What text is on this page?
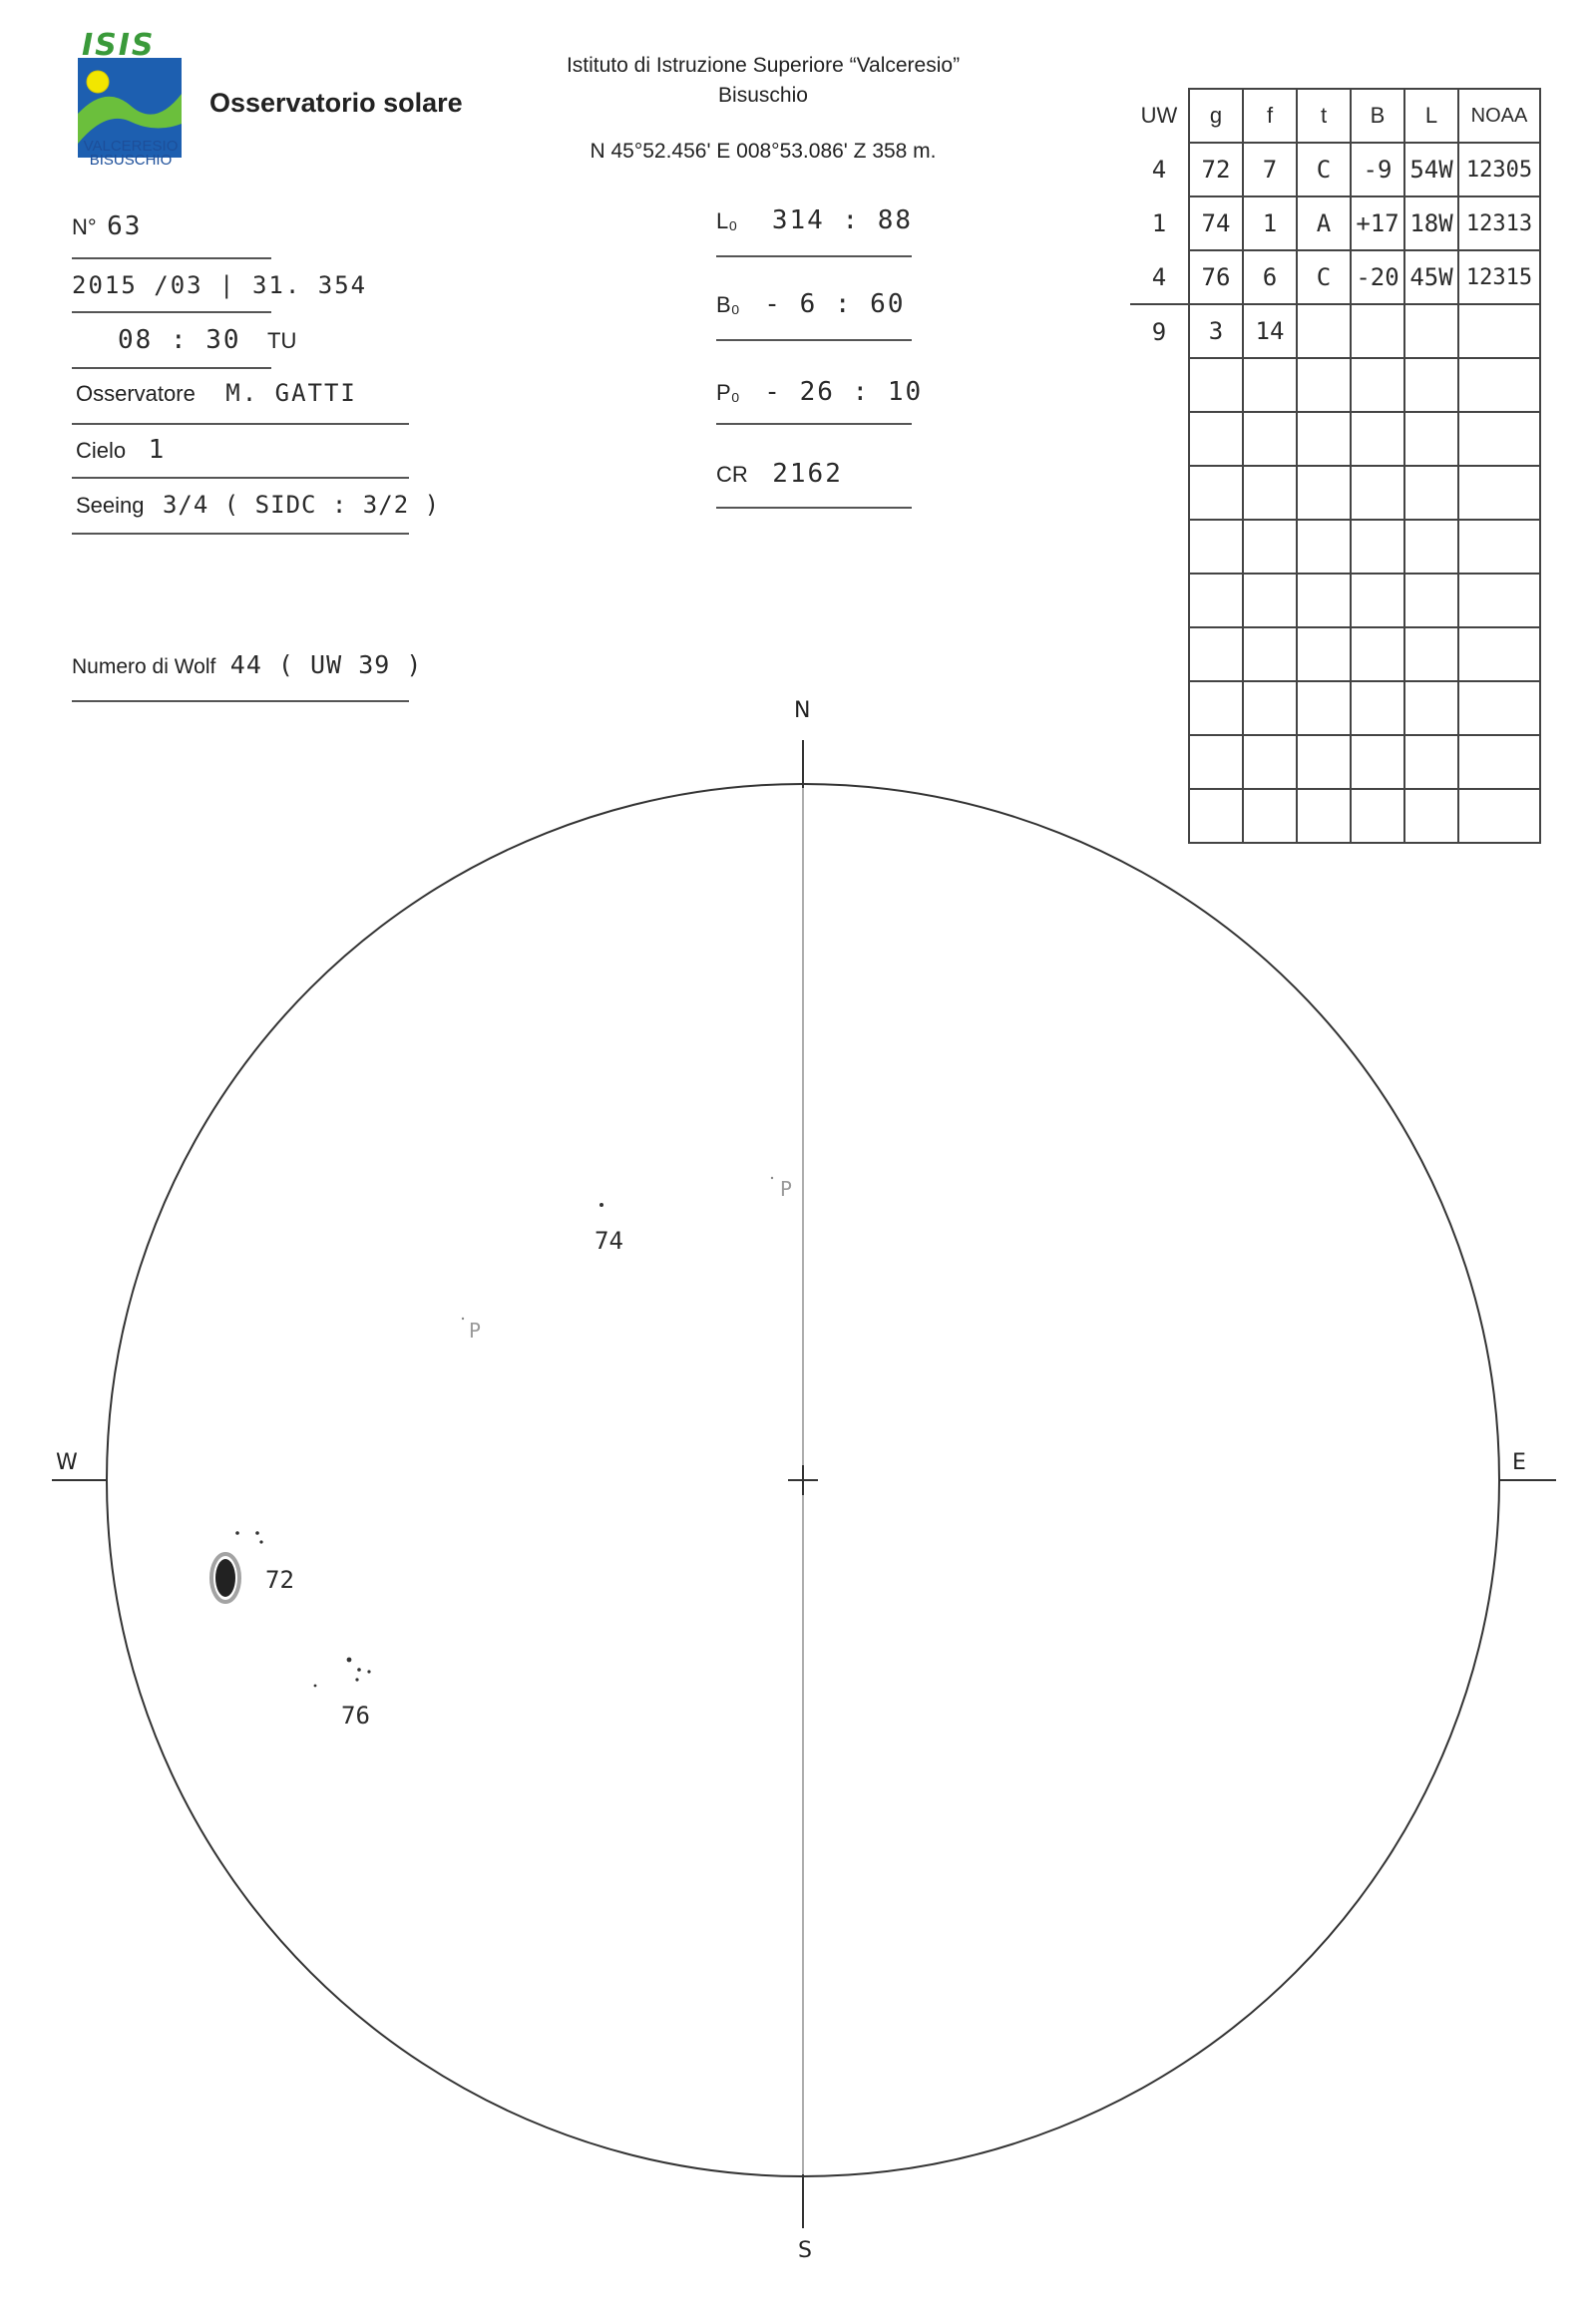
ISIS
VALCERESIO
BISUSCHIO
Osservatorio solare
Istituto di Istruzione Superiore “Valceresio”
Bisuschio
N 45°52.456' E 008°53.086' Z 358 m.
N° 63
2015 /03 | 31. 354
08 : 30 TU
Osservatore M. GATTI
Cielo 1
Seeing 3/4 ( SIDC : 3/2 )
Numero di Wolf 44 ( UW 39 )
L₀ 314 : 88
B₀ - 6 : 60
P₀ - 26 : 10
CR 2162
UW	g	f	t	B	L	NOAA
4	72	7	C	-9	54W	12305
1	74	1	A	+17	18W	12313
4	76	6	C	-20	45W	12315
9	3	14				

N
S
W	E
74
72
76
P
P
